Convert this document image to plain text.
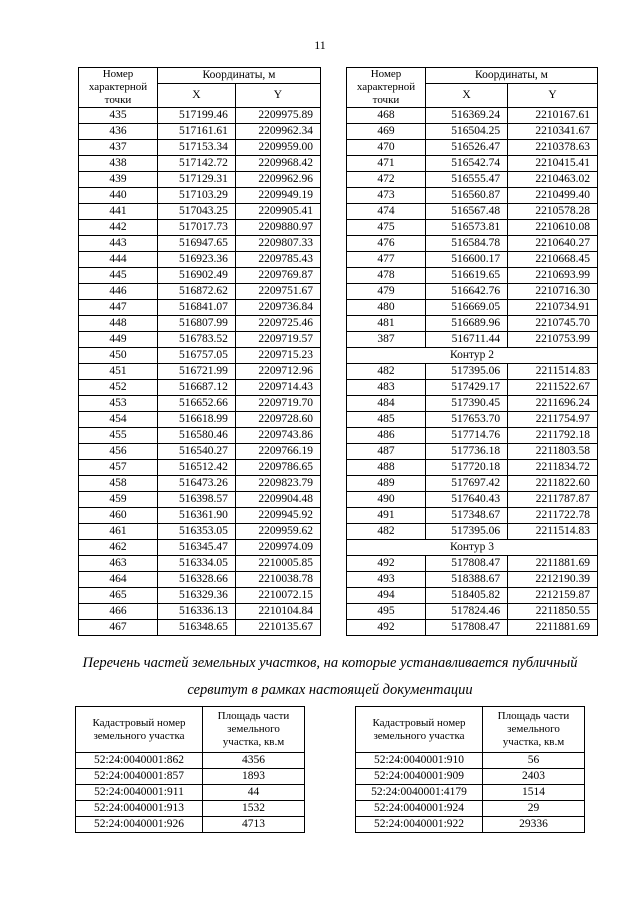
11
Номер характерной точки	Координаты, м	
	X	Y
435	517199.46	2209975.89
436	517161.61	2209962.34
437	517153.34	2209959.00
438	517142.72	2209968.42
439	517129.31	2209962.96
440	517103.29	2209949.19
441	517043.25	2209905.41
442	517017.73	2209880.97
443	516947.65	2209807.33
444	516923.36	2209785.43
445	516902.49	2209769.87
446	516872.62	2209751.67
447	516841.07	2209736.84
448	516807.99	2209725.46
449	516783.52	2209719.57
450	516757.05	2209715.23
451	516721.99	2209712.96
452	516687.12	2209714.43
453	516652.66	2209719.70
454	516618.99	2209728.60
455	516580.46	2209743.86
456	516540.27	2209766.19
457	516512.42	2209786.65
458	516473.26	2209823.79
459	516398.57	2209904.48
460	516361.90	2209945.92
461	516353.05	2209959.62
462	516345.47	2209974.09
463	516334.05	2210005.85
464	516328.66	2210038.78
465	516329.36	2210072.15
466	516336.13	2210104.84
467	516348.65	2210135.67
Номер характерной точки	Координаты, м	
	X	Y
468	516369.24	2210167.61
469	516504.25	2210341.67
470	516526.47	2210378.63
471	516542.74	2210415.41
472	516555.47	2210463.02
473	516560.87	2210499.40
474	516567.48	2210578.28
475	516573.81	2210610.08
476	516584.78	2210640.27
477	516600.17	2210668.45
478	516619.65	2210693.99
479	516642.76	2210716.30
480	516669.05	2210734.91
481	516689.96	2210745.70
387	516711.44	2210753.99
Контур 2		
482	517395.06	2211514.83
483	517429.17	2211522.67
484	517390.45	2211696.24
485	517653.70	2211754.97
486	517714.76	2211792.18
487	517736.18	2211803.58
488	517720.18	2211834.72
489	517697.42	2211822.60
490	517640.43	2211787.87
491	517348.67	2211722.78
482	517395.06	2211514.83
Контур 3		
492	517808.47	2211881.69
493	518388.67	2212190.39
494	518405.82	2212159.87
495	517824.46	2211850.55
492	517808.47	2211881.69
Перечень частей земельных участков, на которые устанавливается публичный
сервитут в рамках настоящей документации
Кадастровый номер земельного участка	Площадь части земельного участка, кв.м
52:24:0040001:862	4356
52:24:0040001:857	1893
52:24:0040001:911	44
52:24:0040001:913	1532
52:24:0040001:926	4713
Кадастровый номер земельного участка	Площадь части земельного участка, кв.м
52:24:0040001:910	56
52:24:0040001:909	2403
52:24:0040001:4179	1514
52:24:0040001:924	29
52:24:0040001:922	29336
